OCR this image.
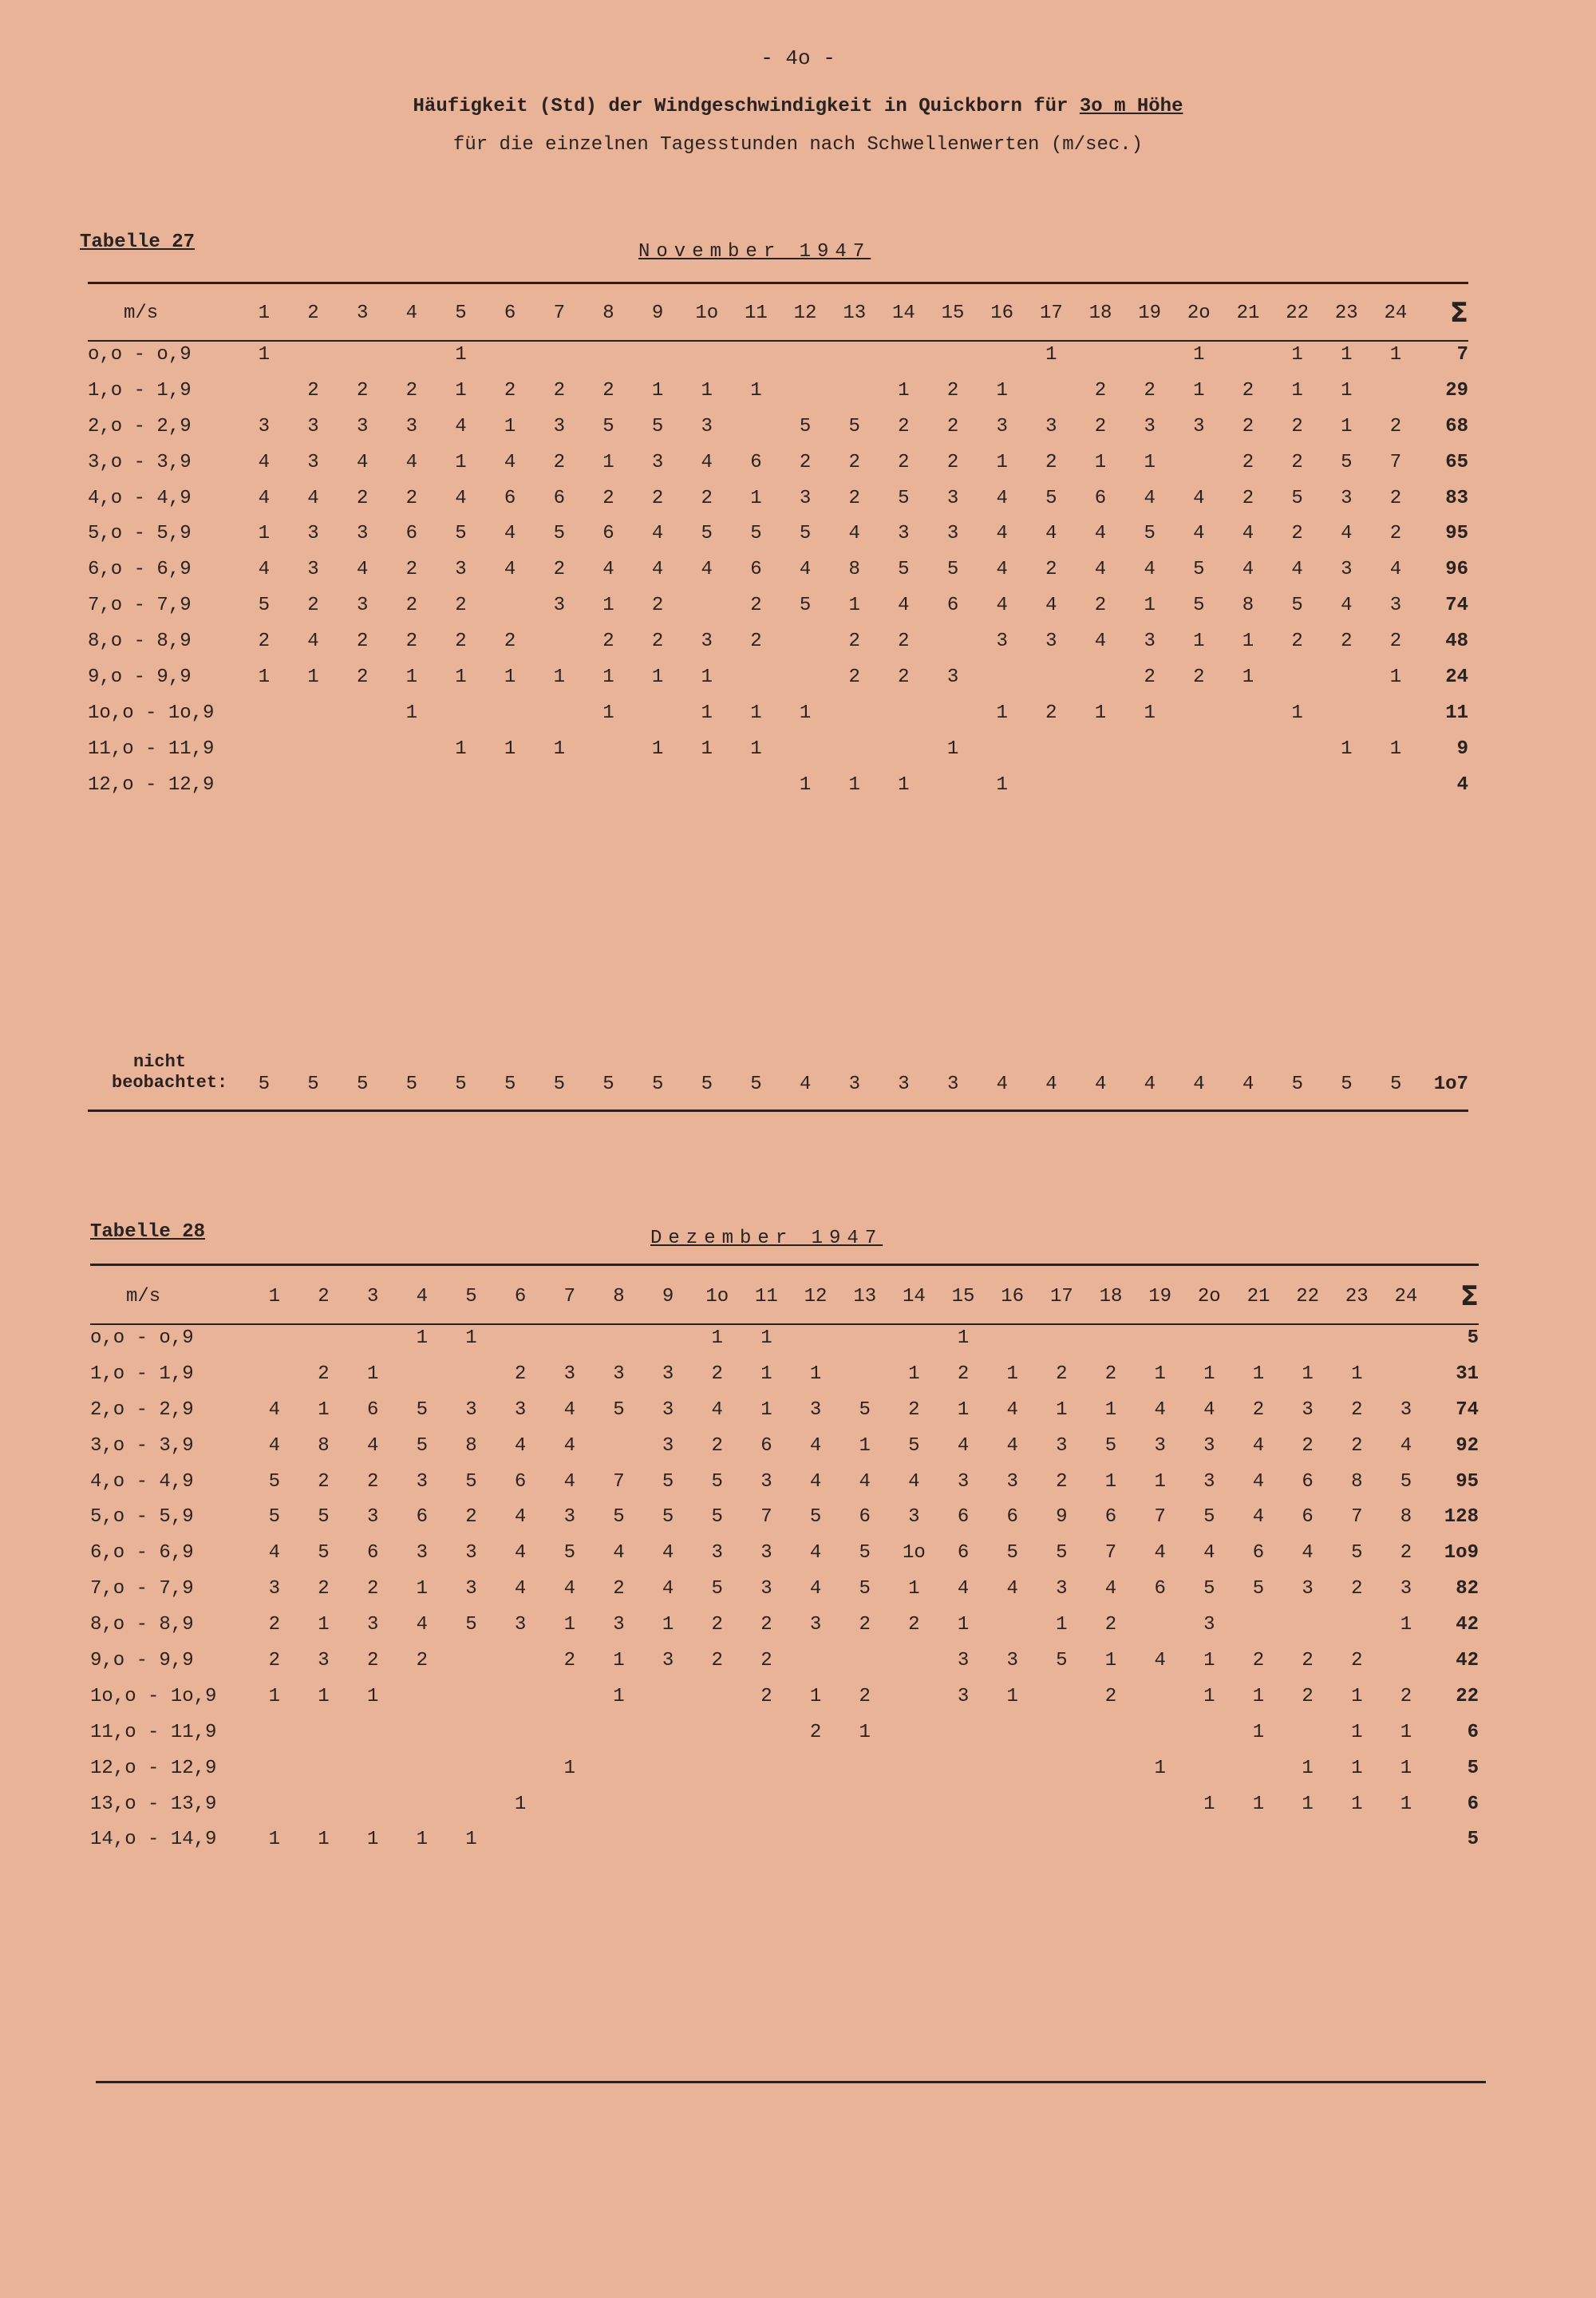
- 4o -
Häufigkeit (Std) der Windgeschwindigkeit in Quickborn für 3o m Höhe
für die einzelnen Tagesstunden nach Schwellenwerten (m/sec.)
Tabelle 27	November 1947
m/s	1	2	3	4	5	6	7	8	9	1o	11	12	13	14	15	16	17	18	19	2o	21	22	23	24	Σ
o,o - o,9	1				1												1			1		1	1	1	7
1,o - 1,9		2	2	2	1	2	2	2	1	1	1			1	2	1		2	2	1	2	1	1		29
2,o - 2,9	3	3	3	3	4	1	3	5	5	3		5	5	2	2	3	3	2	3	3	2	2	1	2	68
3,o - 3,9	4	3	4	4	1	4	2	1	3	4	6	2	2	2	2	1	2	1	1		2	2	5	7	65
4,o - 4,9	4	4	2	2	4	6	6	2	2	2	1	3	2	5	3	4	5	6	4	4	2	5	3	2	83
5,o - 5,9	1	3	3	6	5	4	5	6	4	5	5	5	4	3	3	4	4	4	5	4	4	2	4	2	95
6,o - 6,9	4	3	4	2	3	4	2	4	4	4	6	4	8	5	5	4	2	4	4	5	4	4	3	4	96
7,o - 7,9	5	2	3	2	2		3	1	2		2	5	1	4	6	4	4	2	1	5	8	5	4	3	74
8,o - 8,9	2	4	2	2	2	2		2	2	3	2		2	2		3	3	4	3	1	1	2	2	2	48
9,o - 9,9	1	1	2	1	1	1	1	1	1	1			2	2	3				2	2	1			1	24
1o,o - 1o,9				1				1		1	1	1				1	2	1	1			1			11
11,o - 11,9					1	1	1		1	1	1				1								1	1	9
12,o - 12,9												1	1	1		1									4
nicht
beobachtet:	5	5	5	5	5	5	5	5	5	5	5	4	3	3	3	4	4	4	4	4	4	5	5	5	1o7
Tabelle 28	Dezember 1947
m/s	1	2	3	4	5	6	7	8	9	1o	11	12	13	14	15	16	17	18	19	2o	21	22	23	24	Σ
o,o - o,9				1	1					1	1				1										5
1,o - 1,9		2	1			2	3	3	3	2	1	1		1	2	1	2	2	1	1	1	1	1		31
2,o - 2,9	4	1	6	5	3	3	4	5	3	4	1	3	5	2	1	4	1	1	4	4	2	3	2	3	74
3,o - 3,9	4	8	4	5	8	4	4		3	2	6	4	1	5	4	4	3	5	3	3	4	2	2	4	92
4,o - 4,9	5	2	2	3	5	6	4	7	5	5	3	4	4	4	3	3	2	1	1	3	4	6	8	5	95
5,o - 5,9	5	5	3	6	2	4	3	5	5	5	7	5	6	3	6	6	9	6	7	5	4	6	7	8	128
6,o - 6,9	4	5	6	3	3	4	5	4	4	3	3	4	5	1o	6	5	5	7	4	4	6	4	5	2	1o9
7,o - 7,9	3	2	2	1	3	4	4	2	4	5	3	4	5	1	4	4	3	4	6	5	5	3	2	3	82
8,o - 8,9	2	1	3	4	5	3	1	3	1	2	2	3	2	2	1		1	2		3				1	42
9,o - 9,9	2	3	2	2			2	1	3	2	2				3	3	5	1	4	1	2	2	2		42
1o,o - 1o,9	1	1	1					1			2	1	2		3	1		2		1	1	2	1	2	22
11,o - 11,9												2	1								1		1	1	6
12,o - 12,9							1												1			1	1	1	5
13,o - 13,9						1														1	1	1	1	1	6
14,o - 14,9	1	1	1	1	1																				5
